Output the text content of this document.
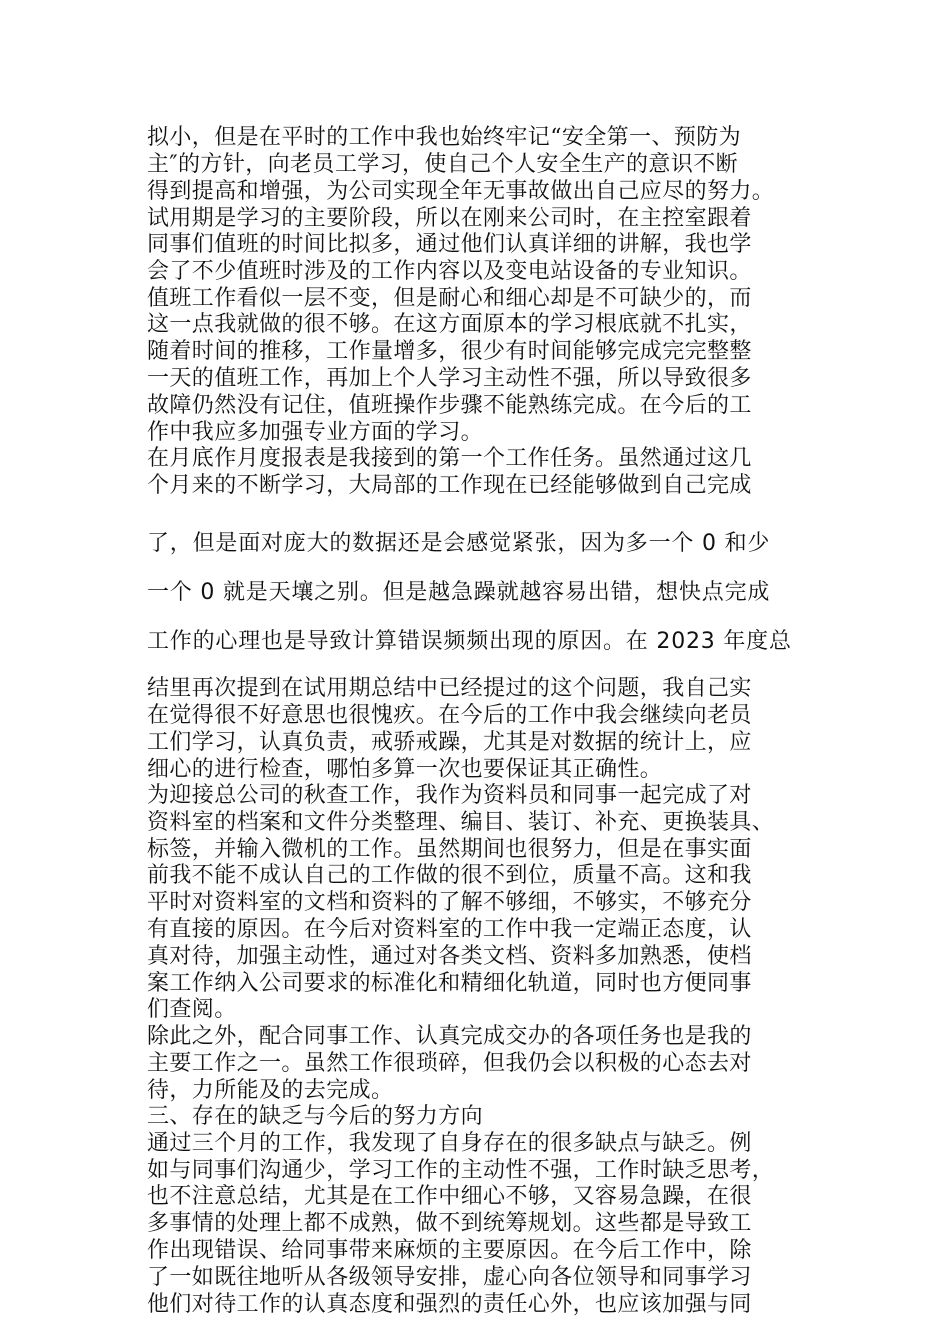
拟小，但是在平时的工作中我也始终牢记“安全第一、预防为
主″的方针，向老员工学习，使自己个人安全生产的意识不断
得到提高和增强，为公司实现全年无事故做出自己应尽的努力。
试用期是学习的主要阶段，所以在刚来公司时，在主控室跟着
同事们值班的时间比拟多，通过他们认真详细的讲解，我也学
会了不少值班时涉及的工作内容以及变电站设备的专业知识。
值班工作看似一层不变，但是耐心和细心却是不可缺少的，而
这一点我就做的很不够。在这方面原本的学习根底就不扎实，
随着时间的推移，工作量增多，很少有时间能够完成完完整整
一天的值班工作，再加上个人学习主动性不强，所以导致很多
故障仍然没有记住，值班操作步骤不能熟练完成。在今后的工
作中我应多加强专业方面的学习。
在月底作月度报表是我接到的第一个工作任务。虽然通过这几
个月来的不断学习，大局部的工作现在已经能够做到自己完成
了，但是面对庞大的数据还是会感觉紧张，因为多一个 0 和少
一个 0 就是天壤之别。但是越急躁就越容易出错，想快点完成
工作的心理也是导致计算错误频频出现的原因。在 2023 年度总
结里再次提到在试用期总结中已经提过的这个问题，我自己实
在觉得很不好意思也很愧疚。在今后的工作中我会继续向老员
工们学习，认真负责，戒骄戒躁，尤其是对数据的统计上，应
细心的进行检查，哪怕多算一次也要保证其正确性。
为迎接总公司的秋查工作，我作为资料员和同事一起完成了对
资料室的档案和文件分类整理、编目、装订、补充、更换装具、
标签，并输入微机的工作。虽然期间也很努力，但是在事实面
前我不能不成认自己的工作做的很不到位，质量不高。这和我
平时对资料室的文档和资料的了解不够细，不够实，不够充分
有直接的原因。在今后对资料室的工作中我一定端正态度，认
真对待，加强主动性，通过对各类文档、资料多加熟悉，使档
案工作纳入公司要求的标准化和精细化轨道，同时也方便同事
们查阅。
除此之外，配合同事工作、认真完成交办的各项任务也是我的
主要工作之一。虽然工作很琐碎，但我仍会以积极的心态去对
待，力所能及的去完成。
三、存在的缺乏与今后的努力方向
通过三个月的工作，我发现了自身存在的很多缺点与缺乏。例
如与同事们沟通少，学习工作的主动性不强，工作时缺乏思考，
也不注意总结，尤其是在工作中细心不够，又容易急躁，在很
多事情的处理上都不成熟，做不到统筹规划。这些都是导致工
作出现错误、给同事带来麻烦的主要原因。在今后工作中，除
了一如既往地听从各级领导安排，虚心向各位领导和同事学习
他们对待工作的认真态度和强烈的责任心外，也应该加强与同
